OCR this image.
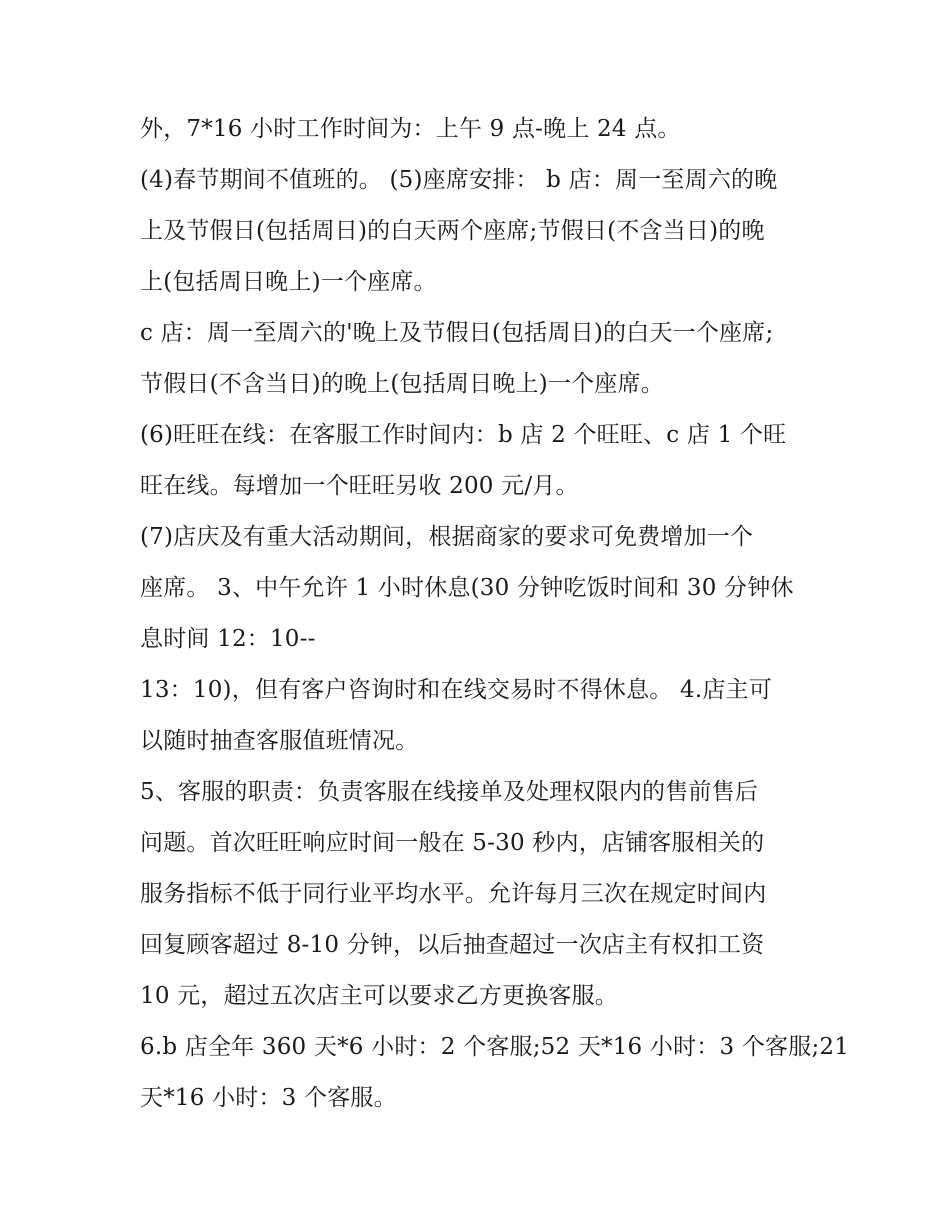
外，7*16 小时工作时间为：上午 9 点-晚上 24 点。
(4)春节期间不值班的。 (5)座席安排： b 店：周一至周六的晚
上及节假日(包括周日)的白天两个座席;节假日(不含当日)的晚
上(包括周日晚上)一个座席。
c 店：周一至周六的'晚上及节假日(包括周日)的白天一个座席;
节假日(不含当日)的晚上(包括周日晚上)一个座席。
(6)旺旺在线：在客服工作时间内：b 店 2 个旺旺、c 店 1 个旺
旺在线。每增加一个旺旺另收 200 元/月。
(7)店庆及有重大活动期间，根据商家的要求可免费增加一个
座席。 3、中午允许 1 小时休息(30 分钟吃饭时间和 30 分钟休
息时间 12：10--
13：10)，但有客户咨询时和在线交易时不得休息。 4.店主可
以随时抽查客服值班情况。
5、客服的职责：负责客服在线接单及处理权限内的售前售后
问题。首次旺旺响应时间一般在 5-30 秒内，店铺客服相关的
服务指标不低于同行业平均水平。允许每月三次在规定时间内
回复顾客超过 8-10 分钟，以后抽查超过一次店主有权扣工资
10 元，超过五次店主可以要求乙方更换客服。
6.b 店全年 360 天*6 小时：2 个客服;52 天*16 小时：3 个客服;21
天*16 小时：3 个客服。
